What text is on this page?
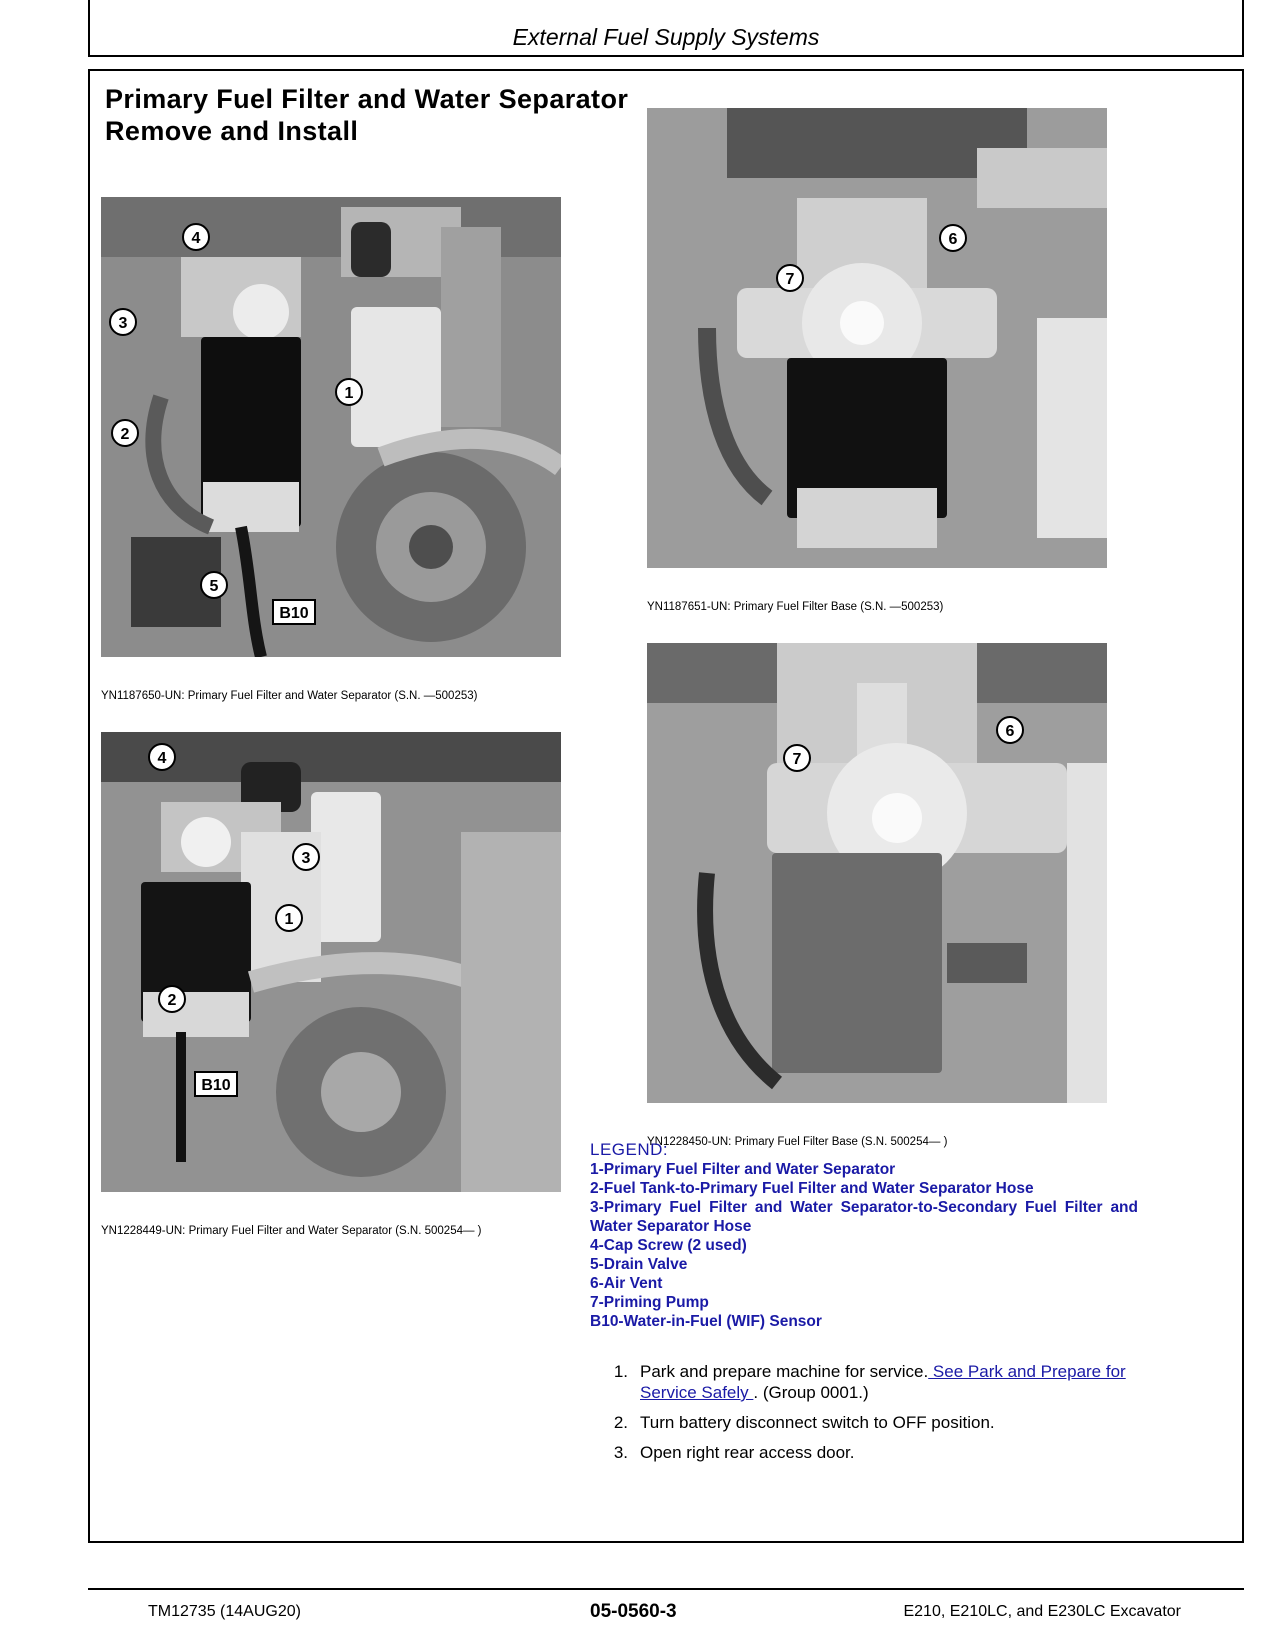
External Fuel Supply Systems
Primary Fuel Filter and Water Separator Remove and Install
4
3
1
2
5
B10
YN1187650-UN: Primary Fuel Filter and Water Separator (S.N. —500253)
6
7
YN1187651-UN: Primary Fuel Filter Base (S.N. —500253)
4
3
1
2
B10
YN1228449-UN: Primary Fuel Filter and Water Separator (S.N. 500254— )
6
7
YN1228450-UN: Primary Fuel Filter Base (S.N. 500254— )
LEGEND:
1-Primary Fuel Filter and Water Separator
2-Fuel Tank-to-Primary Fuel Filter and Water Separator Hose
3-Primary Fuel Filter and Water Separator-to-Secondary Fuel Filter and Water Separator Hose
4-Cap Screw (2 used)
5-Drain Valve
6-Air Vent
7-Priming Pump
B10-Water-in-Fuel (WIF) Sensor
1. Park and prepare machine for service. See Park and Prepare for Service Safely . (Group 0001.)
2. Turn battery disconnect switch to OFF position.
3. Open right rear access door.
TM12735 (14AUG20)	05-0560-3	E210, E210LC, and E230LC Excavator
